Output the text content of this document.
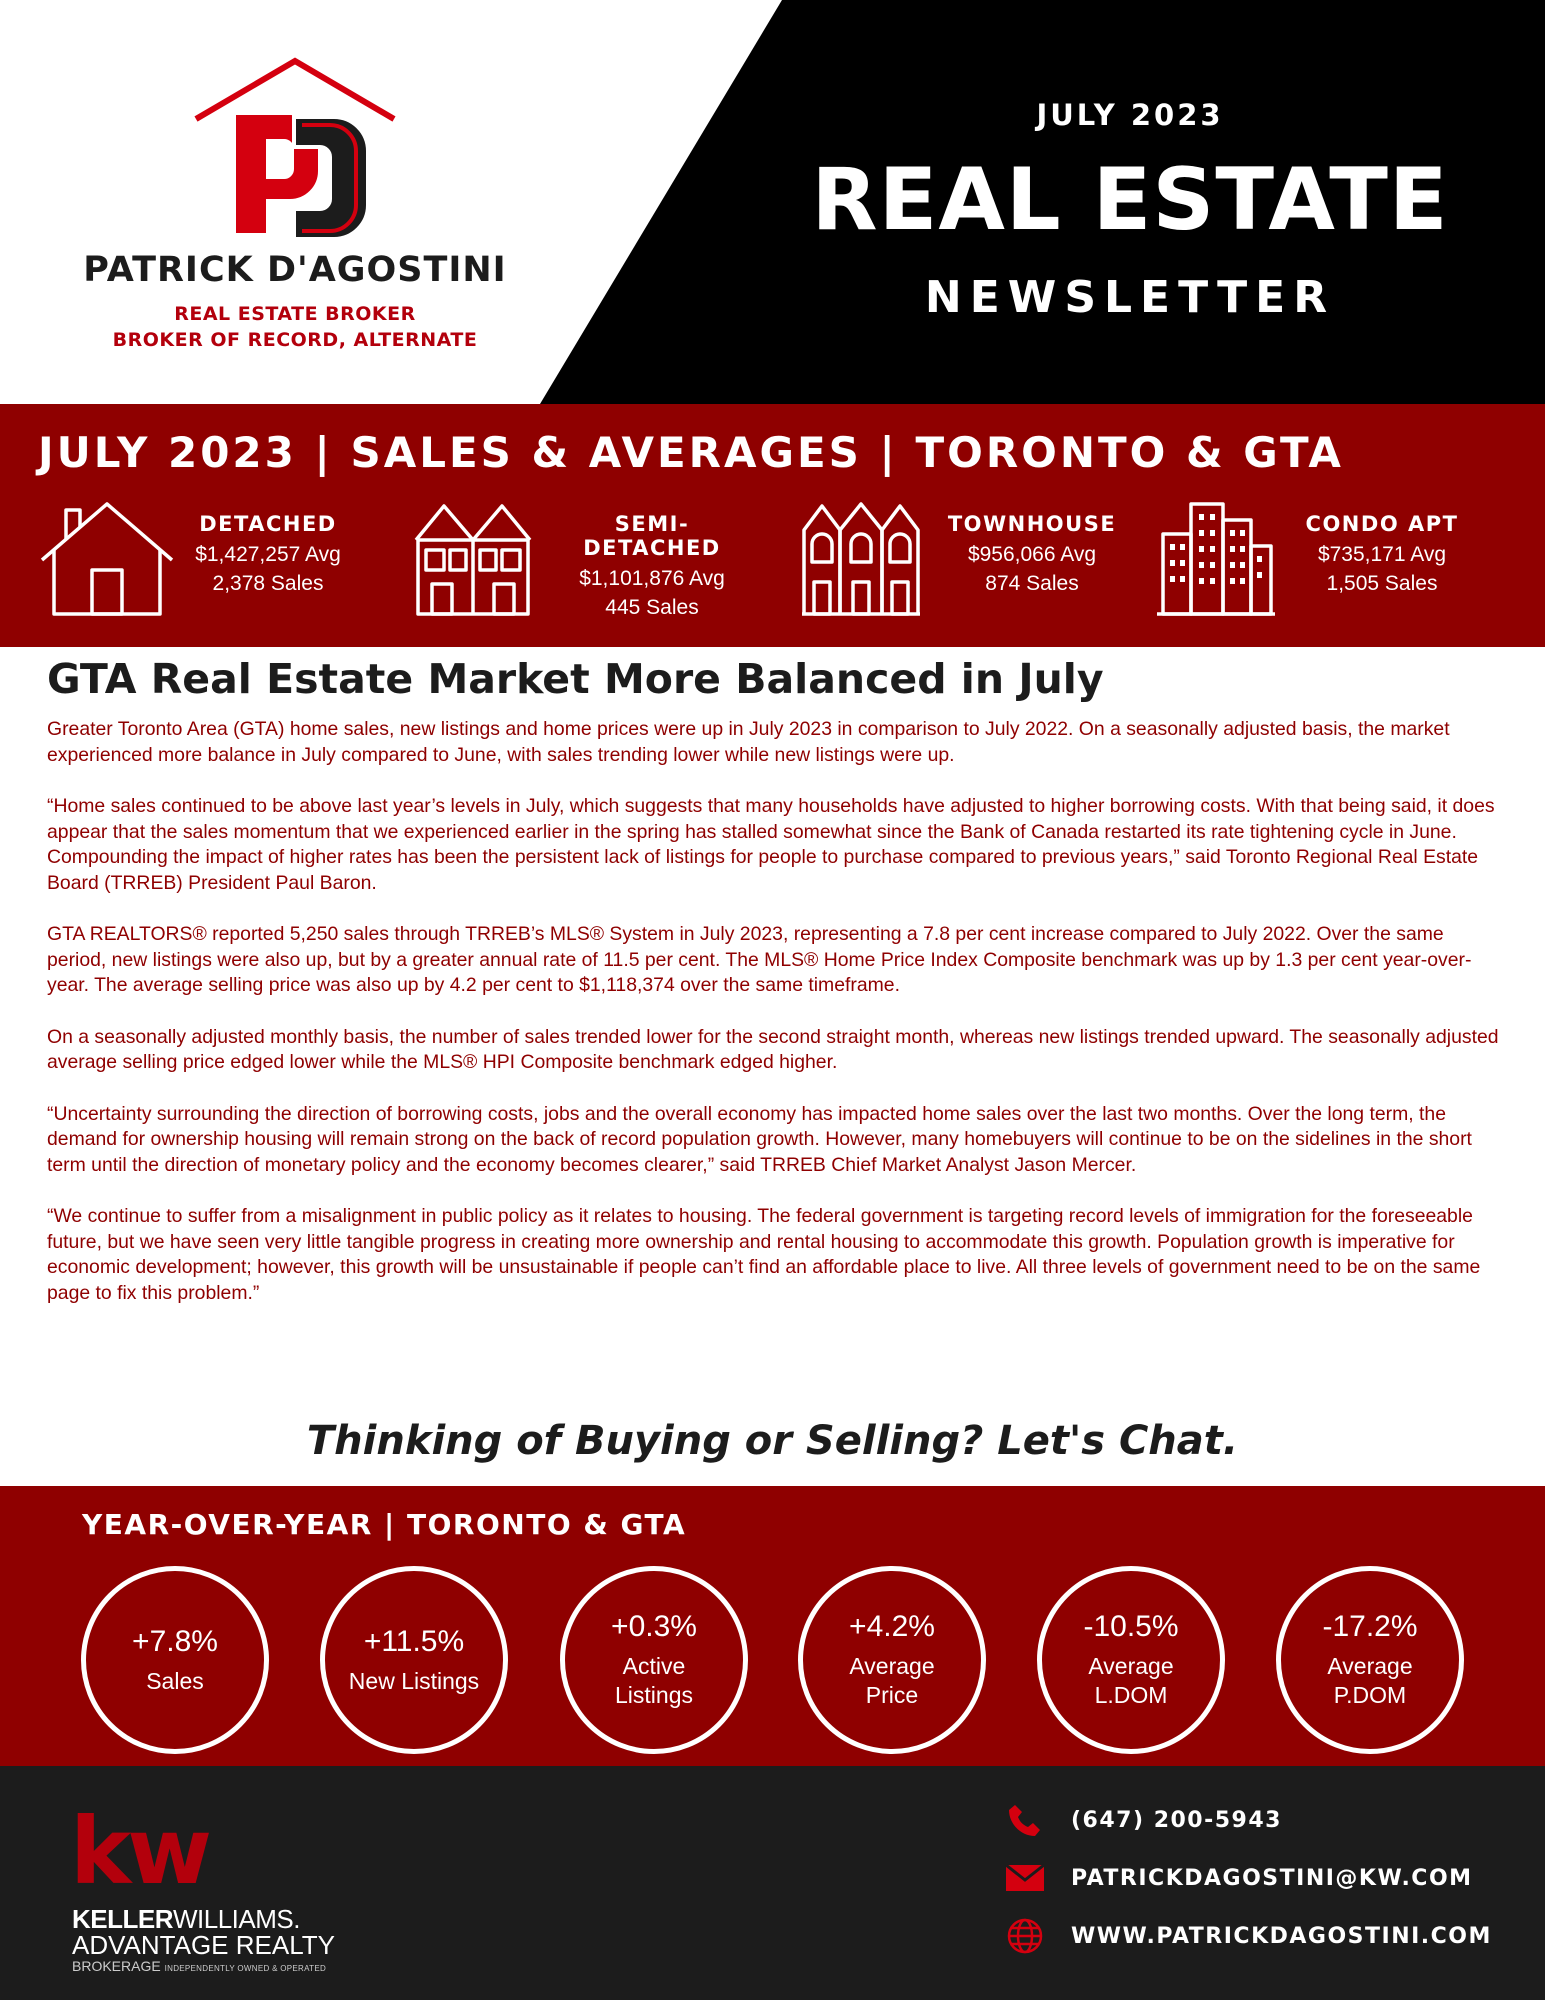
PATRICK D'AGOSTINI
REAL ESTATE BROKER
BROKER OF RECORD, ALTERNATE
JULY 2023
REAL ESTATE
NEWSLETTER
JULY 2023 | SALES & AVERAGES | TORONTO & GTA
DETACHED
$1,427,257 Avg
2,378 Sales
SEMI-DETACHED
$1,101,876 Avg
445 Sales
TOWNHOUSE
$956,066 Avg
874 Sales
CONDO APT
$735,171 Avg
1,505 Sales
GTA Real Estate Market More Balanced in July

Greater Toronto Area (GTA) home sales, new listings and home prices were up in July 2023 in comparison to July 2022. On a seasonally adjusted basis, the market experienced more balance in July compared to June, with sales trending lower while new listings were up.

“Home sales continued to be above last year’s levels in July, which suggests that many households have adjusted to higher borrowing costs. With that being said, it does appear that the sales momentum that we experienced earlier in the spring has stalled somewhat since the Bank of Canada restarted its rate tightening cycle in June. Compounding the impact of higher rates has been the persistent lack of listings for people to purchase compared to previous years,” said Toronto Regional Real Estate Board (TRREB) President Paul Baron.

GTA REALTORS® reported 5,250 sales through TRREB’s MLS® System in July 2023, representing a 7.8 per cent increase compared to July 2022. Over the same period, new listings were also up, but by a greater annual rate of 11.5 per cent. The MLS® Home Price Index Composite benchmark was up by 1.3 per cent year-over-year. The average selling price was also up by 4.2 per cent to $1,118,374 over the same timeframe.

On a seasonally adjusted monthly basis, the number of sales trended lower for the second straight month, whereas new listings trended upward. The seasonally adjusted average selling price edged lower while the MLS® HPI Composite benchmark edged higher.

“Uncertainty surrounding the direction of borrowing costs, jobs and the overall economy has impacted home sales over the last two months. Over the long term, the demand for ownership housing will remain strong on the back of record population growth. However, many homebuyers will continue to be on the sidelines in the short term until the direction of monetary policy and the economy becomes clearer,” said TRREB Chief Market Analyst Jason Mercer.

“We continue to suffer from a misalignment in public policy as it relates to housing. The federal government is targeting record levels of immigration for the foreseeable future, but we have seen very little tangible progress in creating more ownership and rental housing to accommodate this growth. Population growth is imperative for economic development; however, this growth will be unsustainable if people can’t find an affordable place to live. All three levels of government need to be on the same page to fix this problem.”

Thinking of Buying or Selling? Let's Chat.
YEAR-OVER-YEAR | TORONTO & GTA
+7.8%
Sales
+11.5%
New Listings
+0.3%
Active Listings
+4.2%
Average Price
-10.5%
Average L.DOM
-17.2%
Average P.DOM
kw
KELLERWILLIAMS.
ADVANTAGE REALTY
BROKERAGE INDEPENDENTLY OWNED & OPERATED
(647) 200-5943
PATRICKDAGOSTINI@KW.COM
WWW.PATRICKDAGOSTINI.COM
